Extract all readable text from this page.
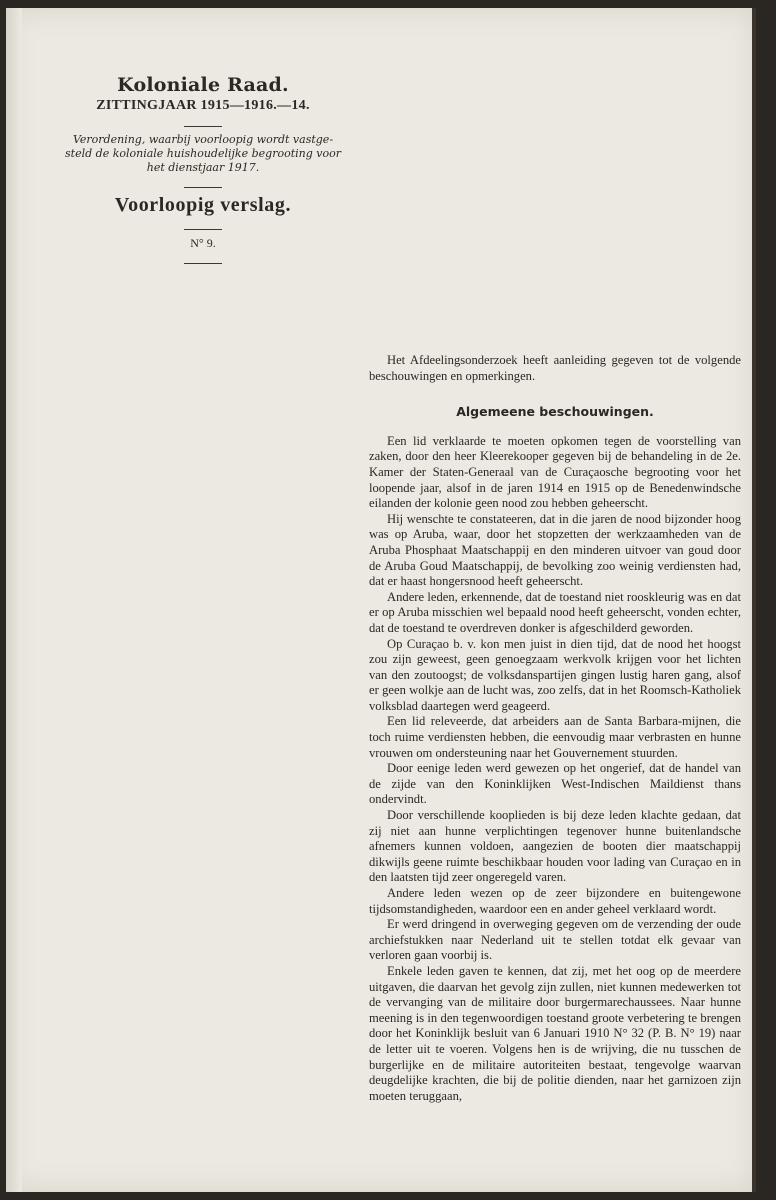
Koloniale Raad.
ZITTINGJAAR 1915—1916.—14.
Verordening, waarbij voorloopig wordt vastgesteld de koloniale huishoudelijke begrooting voor het dienstjaar 1917.
Voorloopig verslag.
N° 9.

Het Afdeelingsonderzoek heeft aanleiding gegeven tot de volgende beschouwingen en opmerkingen.

Algemeene beschouwingen.

Een lid verklaarde te moeten opkomen tegen de voorstelling van zaken, door den heer Kleerekooper gegeven bij de behandeling in de 2e. Kamer der Staten-Generaal van de Curaçaosche begrooting voor het loopende jaar, alsof in de jaren 1914 en 1915 op de Benedenwindsche eilanden der kolonie geen nood zou hebben geheerscht.

Hij wenschte te constateeren, dat in die jaren de nood bijzonder hoog was op Aruba, waar, door het stopzetten der werkzaamheden van de Aruba Phosphaat Maatschappij en den minderen uitvoer van goud door de Aruba Goud Maatschappij, de bevolking zoo weinig verdiensten had, dat er haast hongersnood heeft geheerscht.

Andere leden, erkennende, dat de toestand niet rooskleurig was en dat er op Aruba misschien wel bepaald nood heeft geheerscht, vonden echter, dat de toestand te overdreven donker is afgeschilderd geworden.

Op Curaçao b. v. kon men juist in dien tijd, dat de nood het hoogst zou zijn geweest, geen genoegzaam werkvolk krijgen voor het lichten van den zoutoogst; de volksdanspartijen gingen lustig haren gang, alsof er geen wolkje aan de lucht was, zoo zelfs, dat in het Roomsch-Katholiek volksblad daartegen werd geageerd.

Een lid releveerde, dat arbeiders aan de Santa Barbara-mijnen, die toch ruime verdiensten hebben, die eenvoudig maar verbrasten en hunne vrouwen om ondersteuning naar het Gouvernement stuurden.

Door eenige leden werd gewezen op het ongerief, dat de handel van de zijde van den Koninklijken West-Indischen Maildienst thans ondervindt.

Door verschillende kooplieden is bij deze leden klachte gedaan, dat zij niet aan hunne verplichtingen tegenover hunne buitenlandsche afnemers kunnen voldoen, aangezien de booten dier maatschappij dikwijls geene ruimte beschikbaar houden voor lading van Curaçao en in den laatsten tijd zeer ongeregeld varen.

Andere leden wezen op de zeer bijzondere en buitengewone tijdsomstandigheden, waardoor een en ander geheel verklaard wordt.

Er werd dringend in overweging gegeven om de verzending der oude archiefstukken naar Nederland uit te stellen totdat elk gevaar van verloren gaan voorbij is.

Enkele leden gaven te kennen, dat zij, met het oog op de meerdere uitgaven, die daarvan het gevolg zijn zullen, niet kunnen medewerken tot de vervanging van de militaire door burgermarechaussees. Naar hunne meening is in den tegenwoordigen toestand groote verbetering te brengen door het Koninklijk besluit van 6 Januari 1910 N° 32 (P. B. N° 19) naar de letter uit te voeren. Volgens hen is de wrijving, die nu tusschen de burgerlijke en de militaire autoriteiten bestaat, tengevolge waarvan deugdelijke krachten, die bij de politie dienden, naar het garnizoen zijn moeten teruggaan,
